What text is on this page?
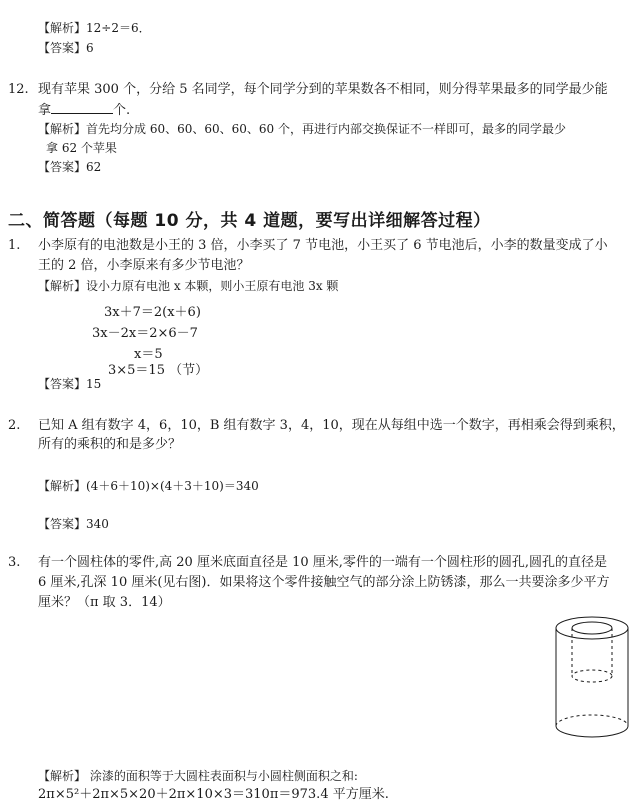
【解析】12÷2＝6．
【答案】6
12. 现有苹果 300 个，分给 5 名同学，每个同学分到的苹果数各不相同，则分得苹果最多的同学最少能
拿	个.
【解析】首先均分成 60、60、60、60、60 个，再进行内部交换保证不一样即可，最多的同学最少
拿 62 个苹果
【答案】62
二、简答题（每题 10 分，共 4 道题，要写出详细解答过程）
1. 小李原有的电池数是小王的 3 倍，小李买了 7 节电池，小王买了 6 节电池后，小李的数量变成了小
王的 2 倍，小李原来有多少节电池？
【解析】设小力原有电池 x 本颗，则小王原有电池 3x 颗
3x＋7＝2(x＋6)
3x－2x＝2×6－7
x＝5
3×5＝15 （节）
【答案】15
2. 已知 A 组有数字 4，6，10，B 组有数字 3，4，10，现在从每组中选一个数字，再相乘会得到乘积，
所有的乘积的和是多少？
【解析】(4＋6＋10)×(4＋3＋10)＝340
【答案】340
3. 有一个圆柱体的零件,高 20 厘米底面直径是 10 厘米,零件的一端有一个圆柱形的圆孔,圆孔的直径是
6 厘米,孔深 10 厘米(见右图)．如果将这个零件接触空气的部分涂上防锈漆，那么一共要涂多少平方
厘米？（π 取 3．14）
【解析】 涂漆的面积等于大圆柱表面积与小圆柱侧面积之和:
2π×5²＋2π×5×20＋2π×10×3＝310π＝973.4 平方厘米.
